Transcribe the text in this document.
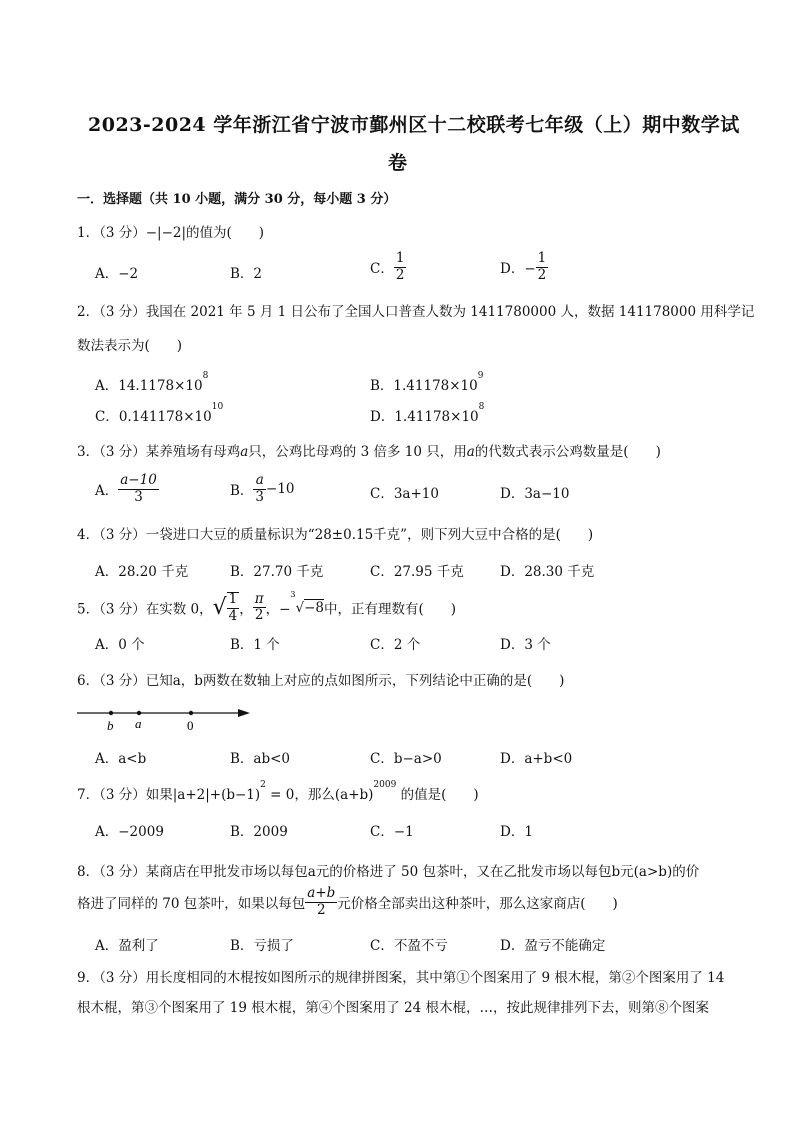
2023-2024 学年浙江省宁波市鄞州区十二校联考七年级（上）期中数学试
卷
一．选择题（共 10 小题，满分 30 分，每小题 3 分）
1．（3 分）−|−2|的值为(　　)
A．−2	B．2	C． $\frac{1}{2}$	D．− $\frac{1}{2}$
2．（3 分）我国在 2021 年 5 月 1 日公布了全国人口普查人数为 1411780000 人，数据 141178000 用科学记
数法表示为(　　)
A．$14.1178\times 10^8$
B．$1.41178\times 10^9$
C．$0.141178\times 10^{10}$
D．$1.41178\times 10^8$
3．（3 分）某养殖场有母鸡a只，公鸡比母鸡的 3 倍多 10 只，用a的代数式表示公鸡数量是(　　)
A． $\frac{a-10}{3}$	B． $\frac{a}{3} -10$	C．3a+10	D．3a−10
4．（3 分）一袋进口大豆的质量标识为“28±0.15千克”，则下列大豆中合格的是(　　)
A．28.20 千克	B．27.70 千克	C．27.95 千克	D．28.30 千克
5．（3 分）在实数 0，√ $\frac{1}{4}$ ， $\frac{\pi}{2}$ ，−$^3$√−8中，正有理数有(　　)
A．0 个	B．1 个	C．2 个	D．3 个
6．（3 分）已知a，b两数在数轴上对应的点如图所示，下列结论中正确的是(　　)
b a	0
A．a<b	B．ab<0	C．b−a>0	D．a+b<0
7．（3 分）如果$|a+2|+(b-1)^2 = 0$，那么$(a+b)^{2009}$ 的值是(　　)
A．−2009	B．2009	C．−1	D．1
8．（3 分）某商店在甲批发市场以每包a元的价格进了 50 包茶叶，又在乙批发市场以每包b元(a>b)的价
格进了同样的 70 包茶叶，如果以每包 $\frac{a+b}{2}$ 元价格全部卖出这种茶叶，那么这家商店(　　)
A．盈利了	B．亏损了	C．不盈不亏	D．盈亏不能确定
9．（3 分）用长度相同的木棍按如图所示的规律拼图案，其中第①个图案用了 9 根木棍，第②个图案用了 14
根木棍，第③个图案用了 19 根木棍，第④个图案用了 24 根木棍，…，按此规律排列下去，则第⑧个图案
